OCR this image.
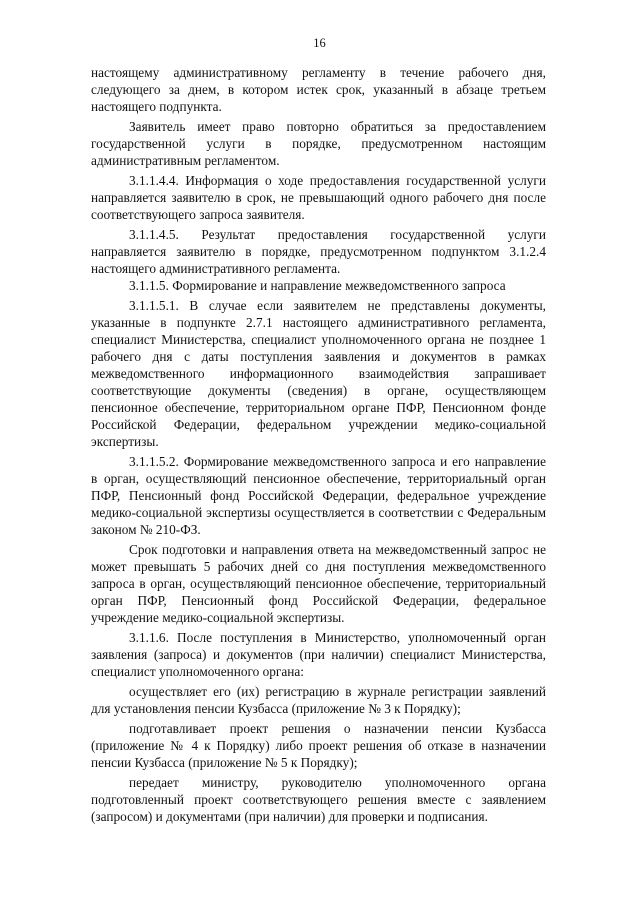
16

настоящему административному регламенту в течение рабочего дня, следующего за днем, в котором истек срок, указанный в абзаце третьем настоящего подпункта.

Заявитель имеет право повторно обратиться за предоставлением государственной услуги в порядке, предусмотренном настоящим административным регламентом.

3.1.1.4.4. Информация о ходе предоставления государственной услуги направляется заявителю в срок, не превышающий одного рабочего дня после соответствующего запроса заявителя.

3.1.1.4.5. Результат предоставления государственной услуги направляется заявителю в порядке, предусмотренном подпунктом 3.1.2.4 настоящего административного регламента.

3.1.1.5. Формирование и направление межведомственного запроса

3.1.1.5.1. В случае если заявителем не представлены документы, указанные в подпункте 2.7.1 настоящего административного регламента, специалист Министерства, специалист уполномоченного органа не позднее 1 рабочего дня с даты поступления заявления и документов в рамках межведомственного информационного взаимодействия запрашивает соответствующие документы (сведения) в органе, осуществляющем пенсионное обеспечение, территориальном органе ПФР, Пенсионном фонде Российской Федерации, федеральном учреждении медико-социальной экспертизы.

3.1.1.5.2. Формирование межведомственного запроса и его направление в орган, осуществляющий пенсионное обеспечение, территориальный орган ПФР, Пенсионный фонд Российской Федерации, федеральное учреждение медико-социальной экспертизы осуществляется в соответствии с Федеральным законом № 210-ФЗ.

Срок подготовки и направления ответа на межведомственный запрос не может превышать 5 рабочих дней со дня поступления межведомственного запроса в орган, осуществляющий пенсионное обеспечение, территориальный орган ПФР, Пенсионный фонд Российской Федерации, федеральное учреждение медико-социальной экспертизы.

3.1.1.6. После поступления в Министерство, уполномоченный орган заявления (запроса) и документов (при наличии) специалист Министерства, специалист уполномоченного органа:

осуществляет его (их) регистрацию в журнале регистрации заявлений для установления пенсии Кузбасса (приложение № 3 к Порядку);

подготавливает проект решения о назначении пенсии Кузбасса (приложение № 4 к Порядку) либо проект решения об отказе в назначении пенсии Кузбасса (приложение № 5 к Порядку);

передает министру, руководителю уполномоченного органа подготовленный проект соответствующего решения вместе с заявлением (запросом) и документами (при наличии) для проверки и подписания.
